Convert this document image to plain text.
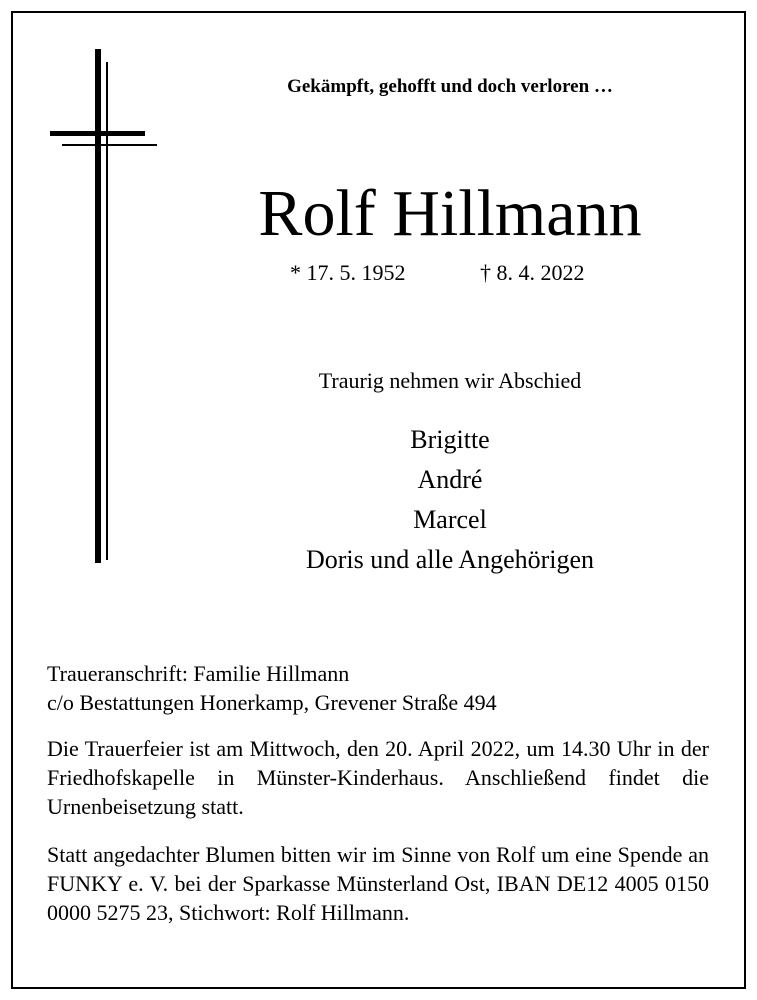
Gekämpft, gehofft und doch verloren …
Rolf Hillmann
* 17. 5. 1952	† 8. 4. 2022
Traurig nehmen wir Abschied
Brigitte
André
Marcel
Doris und alle Angehörigen
Traueranschrift: Familie Hillmann
c/o Bestattungen Honerkamp, Grevener Straße 494
Die Trauerfeier ist am Mittwoch, den 20. April 2022, um 14.30 Uhr in der Friedhofskapelle in Münster-Kinderhaus. Anschließend findet die Urnenbeisetzung statt.
Statt angedachter Blumen bitten wir im Sinne von Rolf um eine Spende an FUNKY e. V. bei der Sparkasse Münsterland Ost, IBAN DE12 4005 0150 0000 5275 23, Stichwort: Rolf Hillmann.
